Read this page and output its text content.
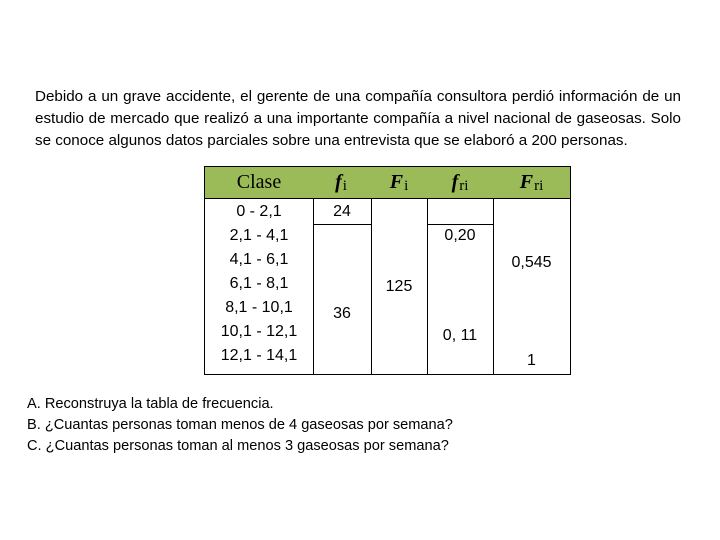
Debido a un grave accidente, el gerente de una compañía consultora perdió información de un estudio de mercado que realizó a una importante compañía a nivel nacional de gaseosas. Solo se conoce algunos datos parciales sobre una entrevista que se elaboró a 200 personas.

Clase	f i F i f ri	F ri
0 - 2,1
2,1 - 4,1
4,1 - 6,1
6,1 - 8,1
8,1 - 10,1
10,1 - 12,1
12,1 - 14,1
24
36
125
0,20
0, 11
0,545
1
A. Reconstruya la tabla de frecuencia.
B. ¿Cuantas personas toman menos de 4 gaseosas por semana?
C. ¿Cuantas personas toman al menos 3 gaseosas por semana?
